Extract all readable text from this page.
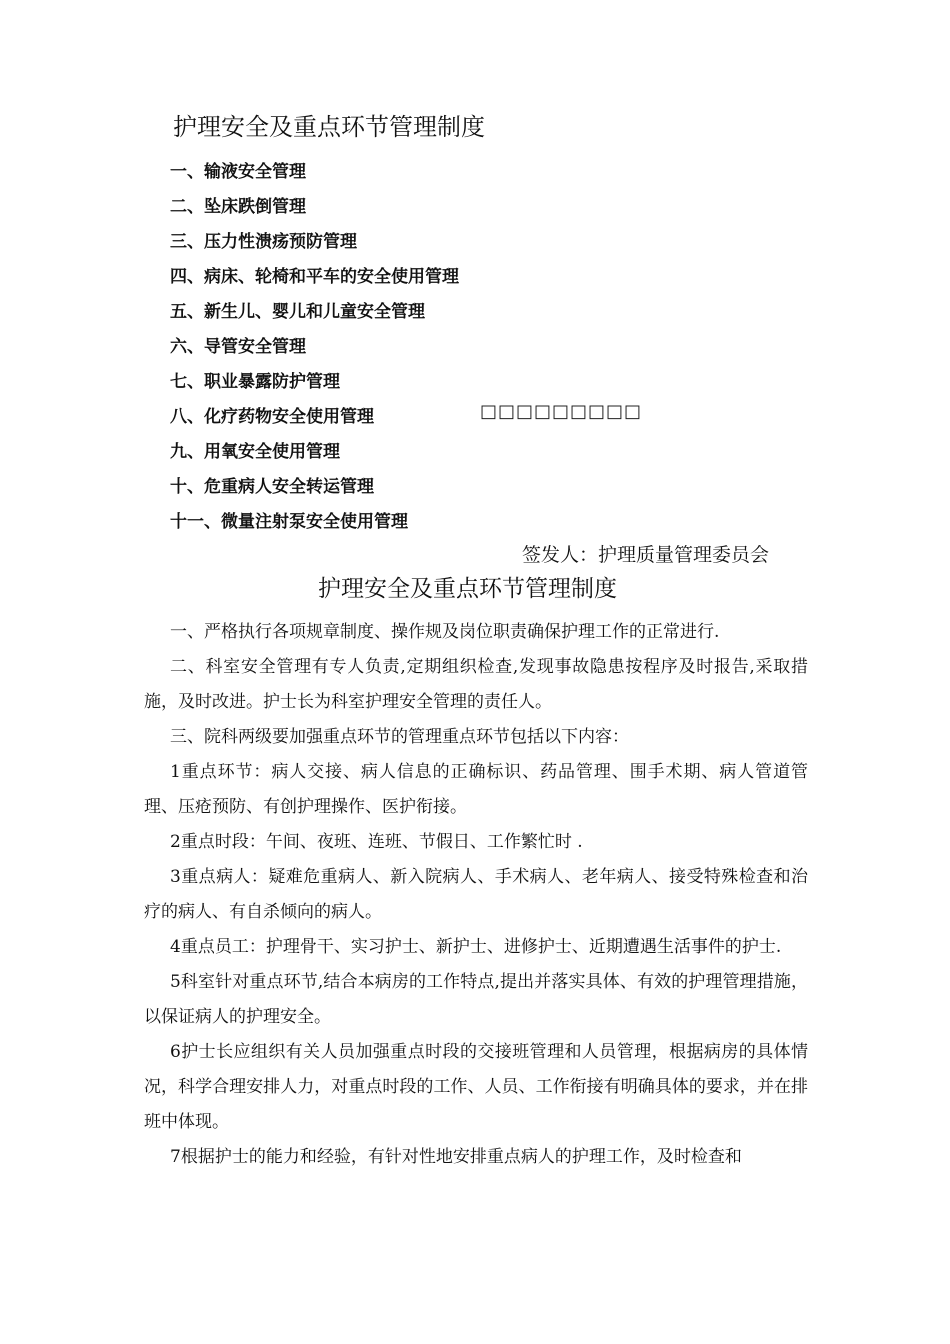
护理安全及重点环节管理制度
一、输液安全管理
二、坠床跌倒管理
三、压力性溃疡预防管理
四、病床、轮椅和平车的安全使用管理
五、新生儿、婴儿和儿童安全管理
六、导管安全管理
七、职业暴露防护管理
八、化疗药物安全使用管理
九、用氧安全使用管理
十、危重病人安全转运管理
十一、微量注射泵安全使用管理
□□□□□□□□□
签发人：护理质量管理委员会
护理安全及重点环节管理制度

一、严格执行各项规章制度、操作规及岗位职责确保护理工作的正常进行.

二、科室安全管理有专人负责,定期组织检查,发现事故隐患按程序及时报告,采取措施，及时改进。护士长为科室护理安全管理的责任人。

三、院科两级要加强重点环节的管理重点环节包括以下内容：

1重点环节：病人交接、病人信息的正确标识、药品管理、围手术期、病人管道管理、压疮预防、有创护理操作、医护衔接。

2重点时段：午间、夜班、连班、节假日、工作繁忙时 .

3重点病人：疑难危重病人、新入院病人、手术病人、老年病人、接受特殊检查和治疗的病人、有自杀倾向的病人。

4重点员工：护理骨干、实习护士、新护士、进修护士、近期遭遇生活事件的护士.

5科室针对重点环节,结合本病房的工作特点,提出并落实具体、有效的护理管理措施，以保证病人的护理安全。

6护士长应组织有关人员加强重点时段的交接班管理和人员管理，根据病房的具体情况，科学合理安排人力，对重点时段的工作、人员、工作衔接有明确具体的要求，并在排班中体现。

7根据护士的能力和经验，有针对性地安排重点病人的护理工作，及时检查和
